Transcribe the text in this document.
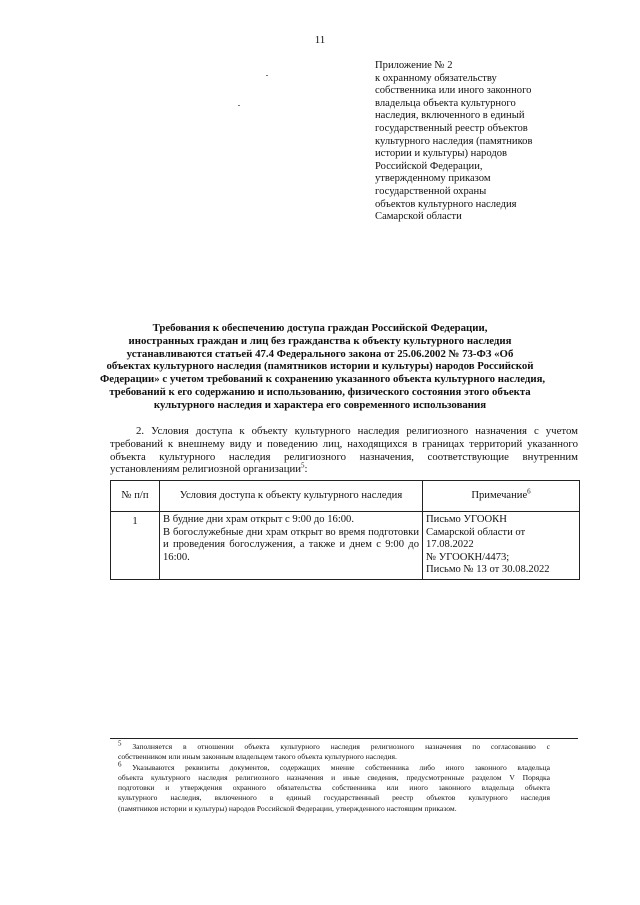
11
Приложение № 2
к охранному обязательству
собственника или иного законного
владельца объекта культурного
наследия, включенного в единый
государственный реестр объектов
культурного наследия (памятников
истории и культуры) народов
Российской Федерации,
утвержденному приказом
государственной охраны
объектов культурного наследия
Самарской области
Требования к обеспечению доступа граждан Российской Федерации,
иностранных граждан и лиц без гражданства к объекту культурного наследия
устанавливаются статьей 47.4 Федерального закона от 25.06.2002 № 73-ФЗ «Об
объектах культурного наследия (памятников истории и культуры) народов Российской
Федерации» с учетом требований к сохранению указанного объекта культурного наследия,
требований к его содержанию и использованию, физического состояния этого объекта
культурного наследия и характера его современного использования
2. Условия доступа к объекту культурного наследия религиозного назначения с учетом
требований к внешнему виду и поведению лиц, находящихся в границах территорий указанного
объекта культурного наследия религиозного назначения, соответствующие внутренним
установлениям религиозной организации$^5$:
№ п/п	Условия доступа к объекту культурного наследия	Примечание$^6$
1	В будние дни храм открыт с 9:00 до 16:00.
В богослужебные дни храм открыт во время подготовки
и проведения богослужения, а также и днем с 9:00 до
16:00.	Письмо УГООКН
Самарской области от
17.08.2022
№ УГООКН/4473;
Письмо № 13 от 30.08.2022
$^5$ Заполняется в отношении объекта культурного наследия религиозного назначения по согласованию с
собственником или иным законным владельцем такого объекта культурного наследия.
$^6$ Указываются реквизиты документов, содержащих мнение собственника либо иного законного владельца
объекта культурного наследия религиозного назначения и иные сведения, предусмотренные разделом V Порядка
подготовки и утверждения охранного обязательства собственника или иного законного владельца объекта
культурного наследия, включенного в единый государственный реестр объектов культурного наследия
(памятников истории и культуры) народов Российской Федерации, утвержденного настоящим приказом.
